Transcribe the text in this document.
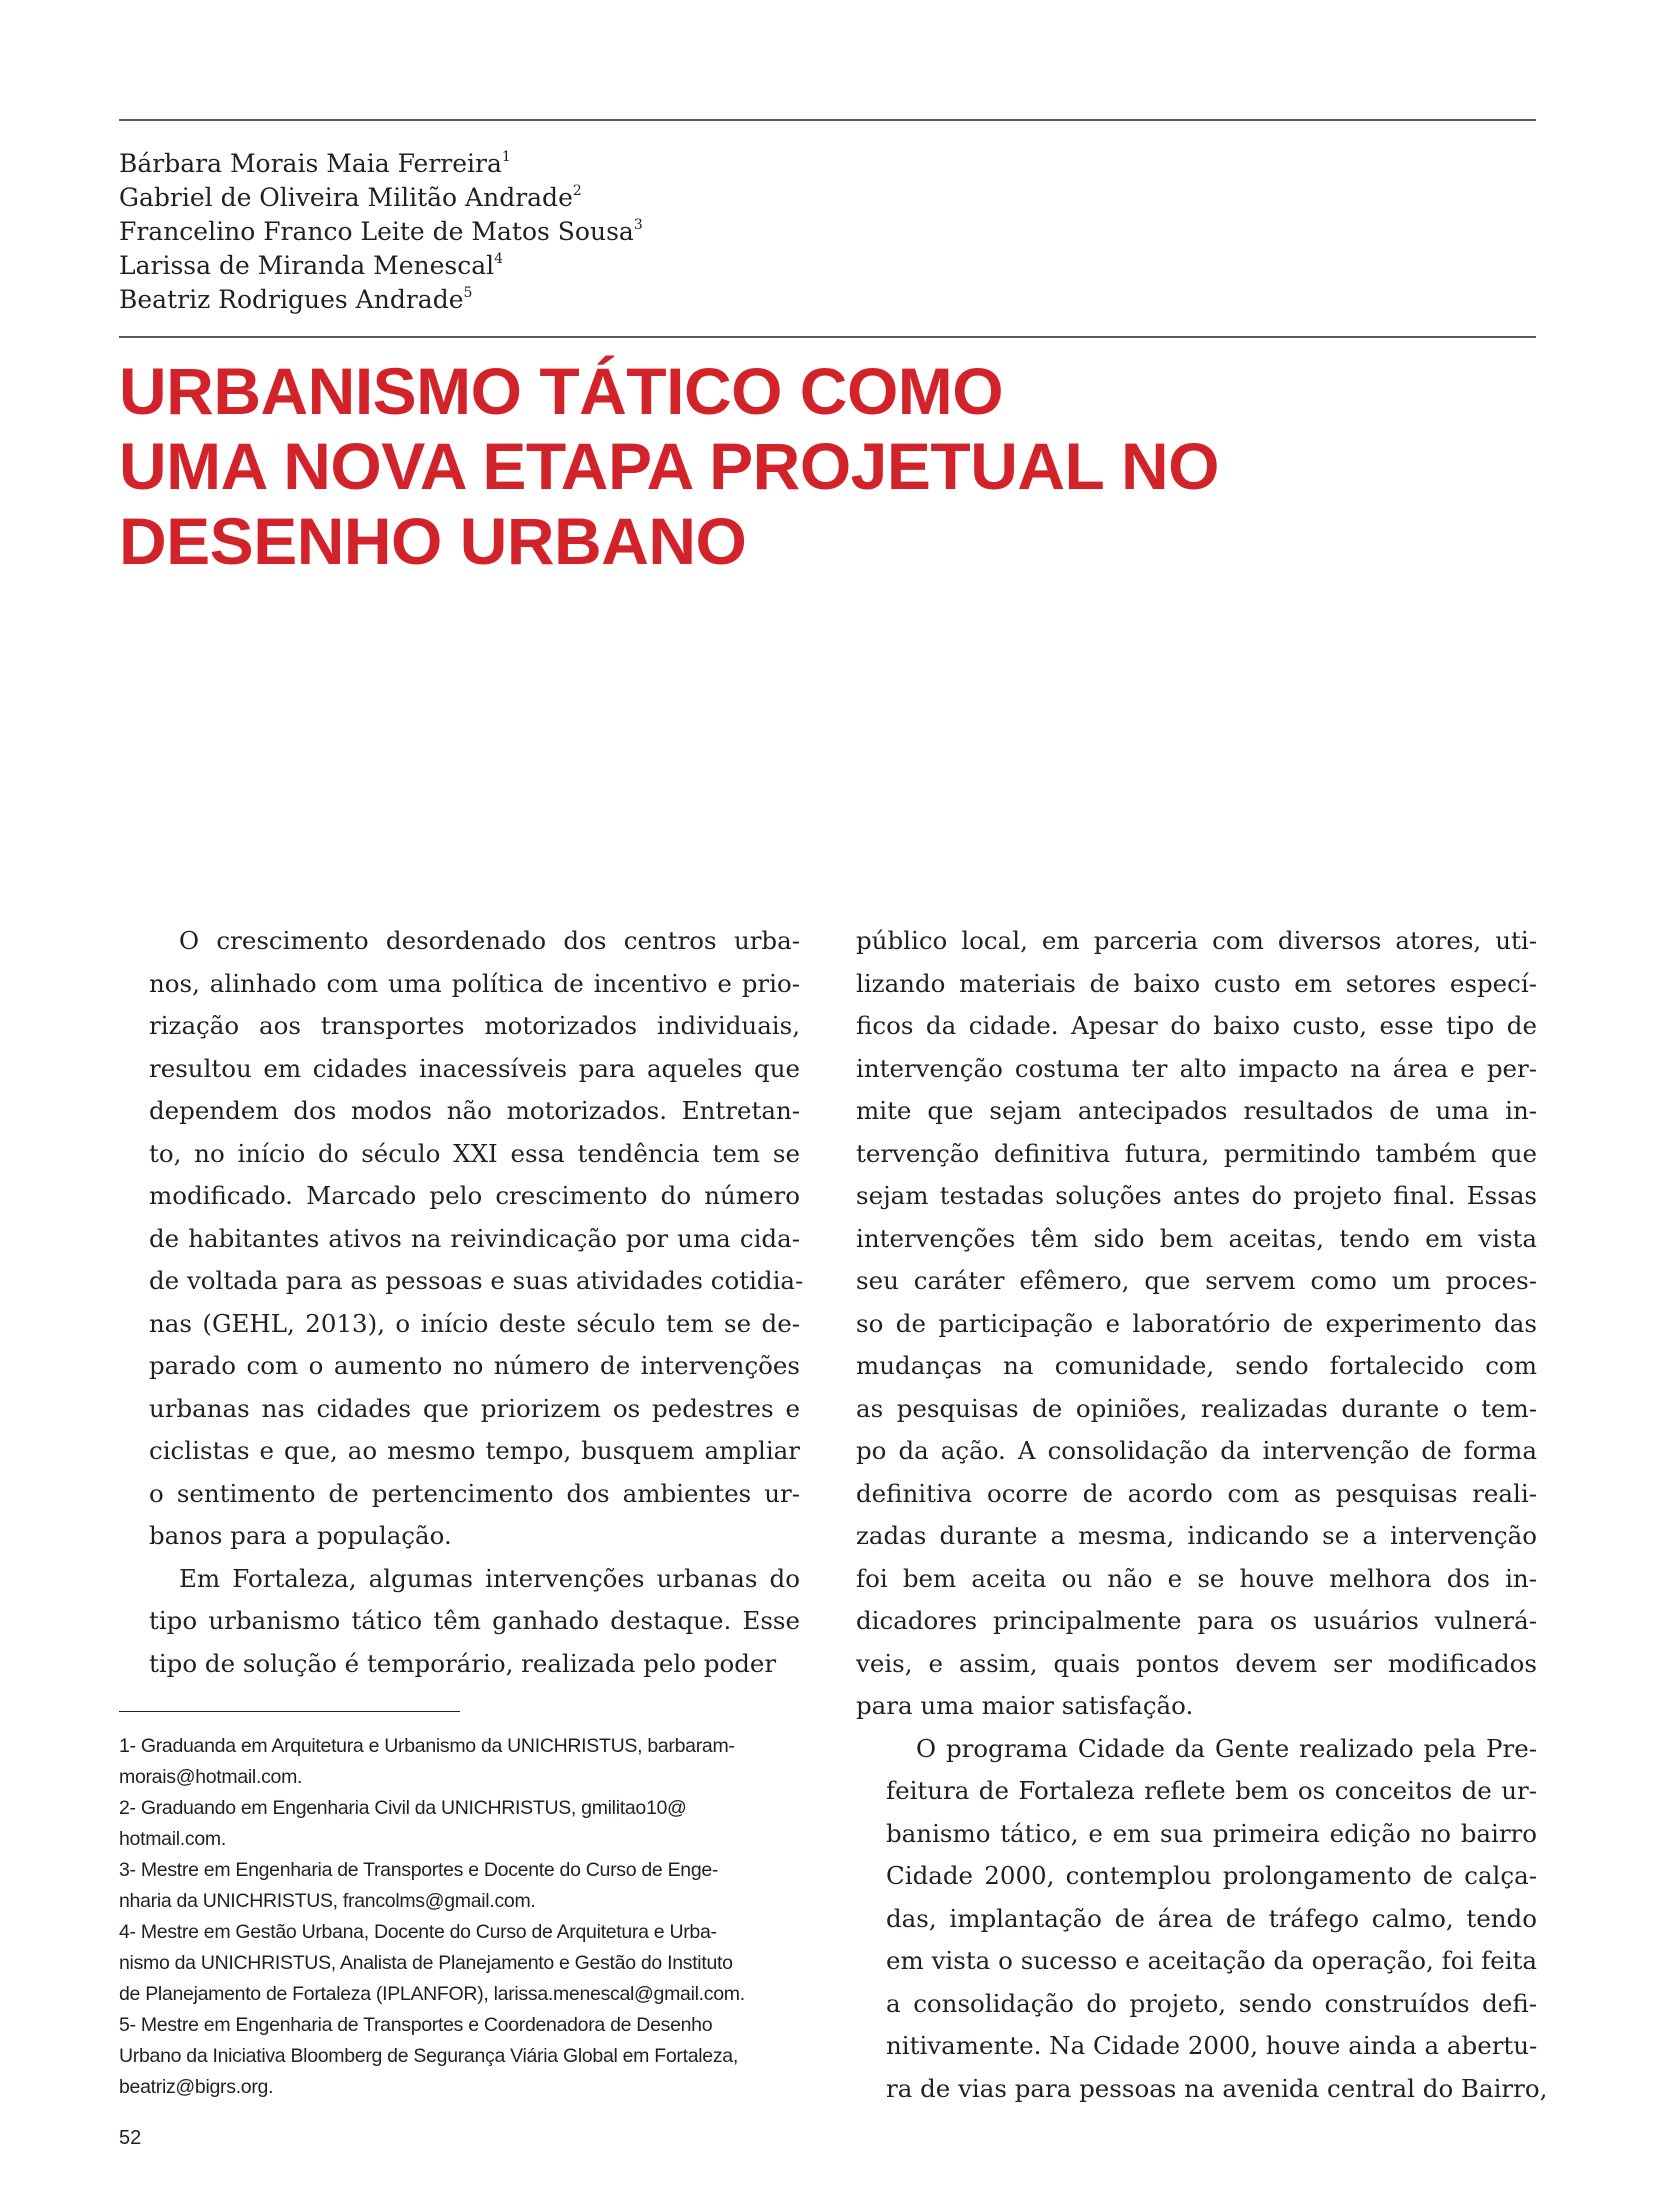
Bárbara Morais Maia Ferreira$^1$
Gabriel de Oliveira Militão Andrade$^2$
Francelino Franco Leite de Matos Sousa$^3$
Larissa de Miranda Menescal$^4$
Beatriz Rodrigues Andrade$^5$
URBANISMO TÁTICO COMO
UMA NOVA ETAPA PROJETUAL NO
DESENHO URBANO

O crescimento desordenado dos centros urba-
nos, alinhado com uma política de incentivo e prio-
rização aos transportes motorizados individuais,
resultou em cidades inacessíveis para aqueles que
dependem dos modos não motorizados. Entretan-
to, no início do século XXI essa tendência tem se
modificado. Marcado pelo crescimento do número
de habitantes ativos na reivindicação por uma cida-
de voltada para as pessoas e suas atividades cotidia-
nas (GEHL, 2013), o início deste século tem se de-
parado com o aumento no número de intervenções
urbanas nas cidades que priorizem os pedestres e
ciclistas e que, ao mesmo tempo, busquem ampliar
o sentimento de pertencimento dos ambientes ur-
banos para a população.

Em Fortaleza, algumas intervenções urbanas do
tipo urbanismo tático têm ganhado destaque. Esse
tipo de solução é temporário, realizada pelo poder

público local, em parceria com diversos atores, uti-
lizando materiais de baixo custo em setores especí-
ficos da cidade. Apesar do baixo custo, esse tipo de
intervenção costuma ter alto impacto na área e per-
mite que sejam antecipados resultados de uma in-
tervenção definitiva futura, permitindo também que
sejam testadas soluções antes do projeto final. Essas
intervenções têm sido bem aceitas, tendo em vista
seu caráter efêmero, que servem como um proces-
so de participação e laboratório de experimento das
mudanças na comunidade, sendo fortalecido com
as pesquisas de opiniões, realizadas durante o tem-
po da ação. A consolidação da intervenção de forma
definitiva ocorre de acordo com as pesquisas reali-
zadas durante a mesma, indicando se a intervenção
foi bem aceita ou não e se houve melhora dos in-
dicadores principalmente para os usuários vulnerá-
veis, e assim, quais pontos devem ser modificados
para uma maior satisfação.

O programa Cidade da Gente realizado pela Pre-
feitura de Fortaleza reflete bem os conceitos de ur-
banismo tático, e em sua primeira edição no bairro
Cidade 2000, contemplou prolongamento de calça-
das, implantação de área de tráfego calmo, tendo
em vista o sucesso e aceitação da operação, foi feita
a consolidação do projeto, sendo construídos defi-
nitivamente. Na Cidade 2000, houve ainda a abertu-
ra de vias para pessoas na avenida central do Bairro,

1- Graduanda em Arquitetura e Urbanismo da UNICHRISTUS, barbaram-
morais@hotmail.com.
2- Graduando em Engenharia Civil da UNICHRISTUS, gmilitao10@
hotmail.com.
3- Mestre em Engenharia de Transportes e Docente do Curso de Enge-
nharia da UNICHRISTUS, francolms@gmail.com.
4- Mestre em Gestão Urbana, Docente do Curso de Arquitetura e Urba-
nismo da UNICHRISTUS, Analista de Planejamento e Gestão do Instituto
de Planejamento de Fortaleza (IPLANFOR), larissa.menescal@gmail.com.
5- Mestre em Engenharia de Transportes e Coordenadora de Desenho
Urbano da Iniciativa Bloomberg de Segurança Viária Global em Fortaleza,
beatriz@bigrs.org.
52
